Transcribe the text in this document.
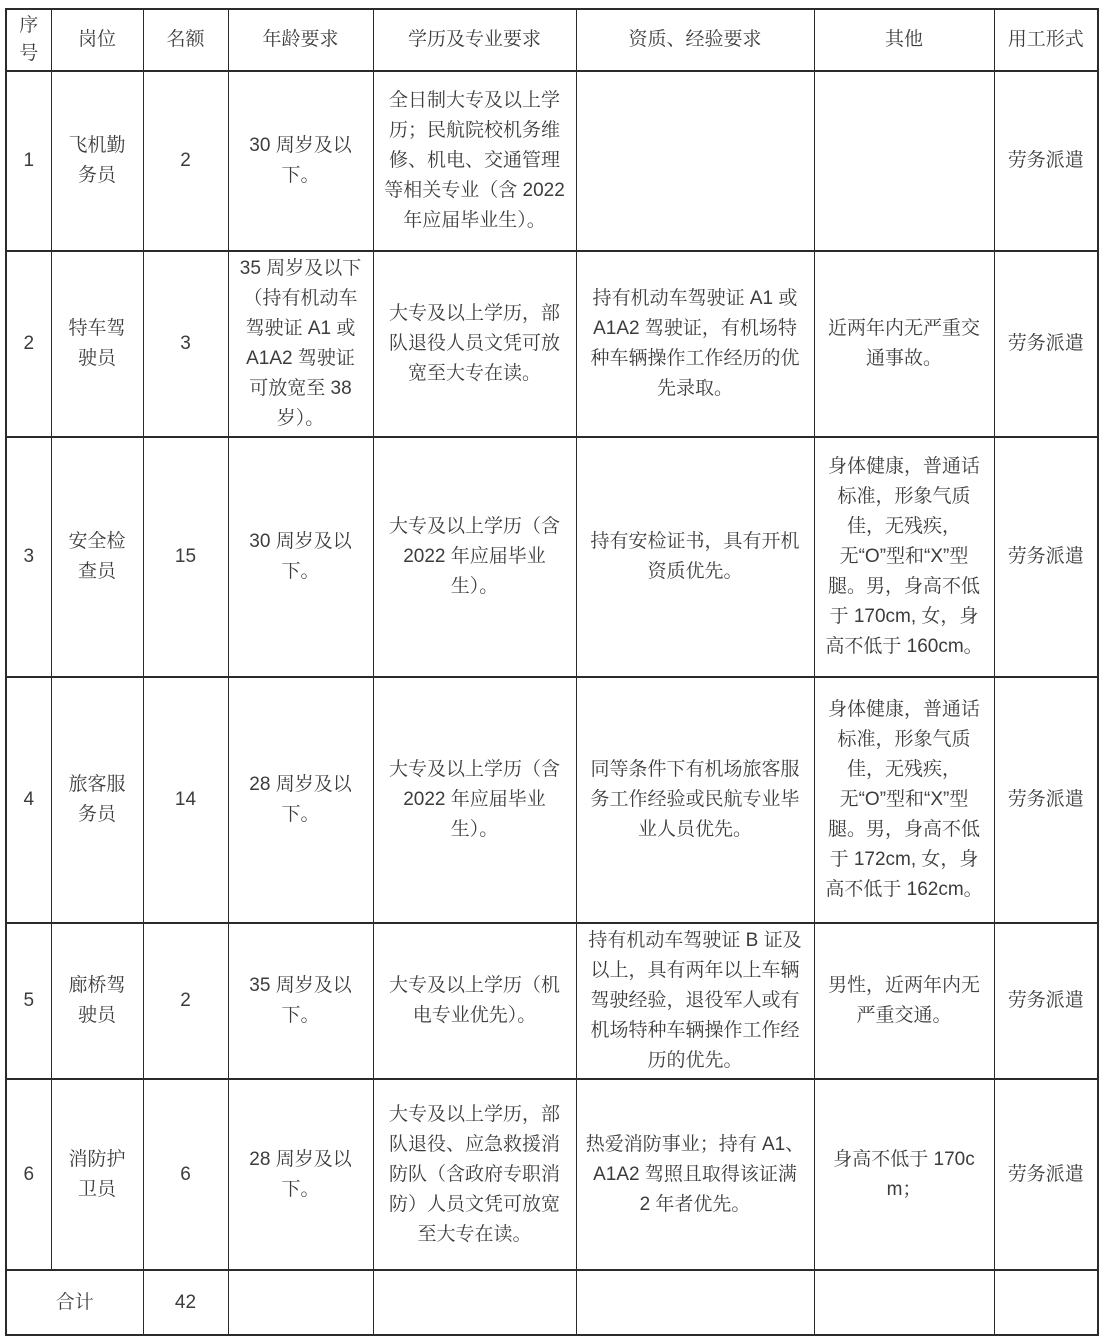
序号	岗位	名额	年龄要求	学历及专业要求	资质、经验要求	其他	用工形式
1	飞机勤务员	2	30 周岁及以下。	全日制大专及以上学历；民航院校机务维修、机电、交通管理等相关专业（含 2022 年应届毕业生）。			劳务派遣
2	特车驾驶员	3	35 周岁及以下（持有机动车驾驶证 A1 或 A1A2 驾驶证可放宽至 38 岁）。	大专及以上学历，部队退役人员文凭可放宽至大专在读。	持有机动车驾驶证 A1 或 A1A2 驾驶证，有机场特种车辆操作工作经历的优先录取。	近两年内无严重交通事故。	劳务派遣
3	安全检查员	15	30 周岁及以下。	大专及以上学历（含 2022 年应届毕业生）。	持有安检证书，具有开机资质优先。	身体健康，普通话标准，形象气质佳，无残疾，无“O”型和“X”型腿。男，身高不低于 170cm, 女，身高不低于 160cm。	劳务派遣
4	旅客服务员	14	28 周岁及以下。	大专及以上学历（含 2022 年应届毕业生）。	同等条件下有机场旅客服务工作经验或民航专业毕业人员优先。	身体健康，普通话标准，形象气质佳，无残疾，无“O”型和“X”型腿。男，身高不低于 172cm, 女，身高不低于 162cm。	劳务派遣
5	廊桥驾驶员	2	35 周岁及以下。	大专及以上学历（机电专业优先）。	持有机动车驾驶证 B 证及以上，具有两年以上车辆驾驶经验，退役军人或有机场特种车辆操作工作经历的优先。	男性，近两年内无严重交通。	劳务派遣
6	消防护卫员	6	28 周岁及以下。	大专及以上学历，部队退役、应急救援消防队（含政府专职消防）人员文凭可放宽至大专在读。	热爱消防事业；持有 A1、A1A2 驾照且取得该证满 2 年者优先。	身高不低于 170cm；	劳务派遣
合计		42					
